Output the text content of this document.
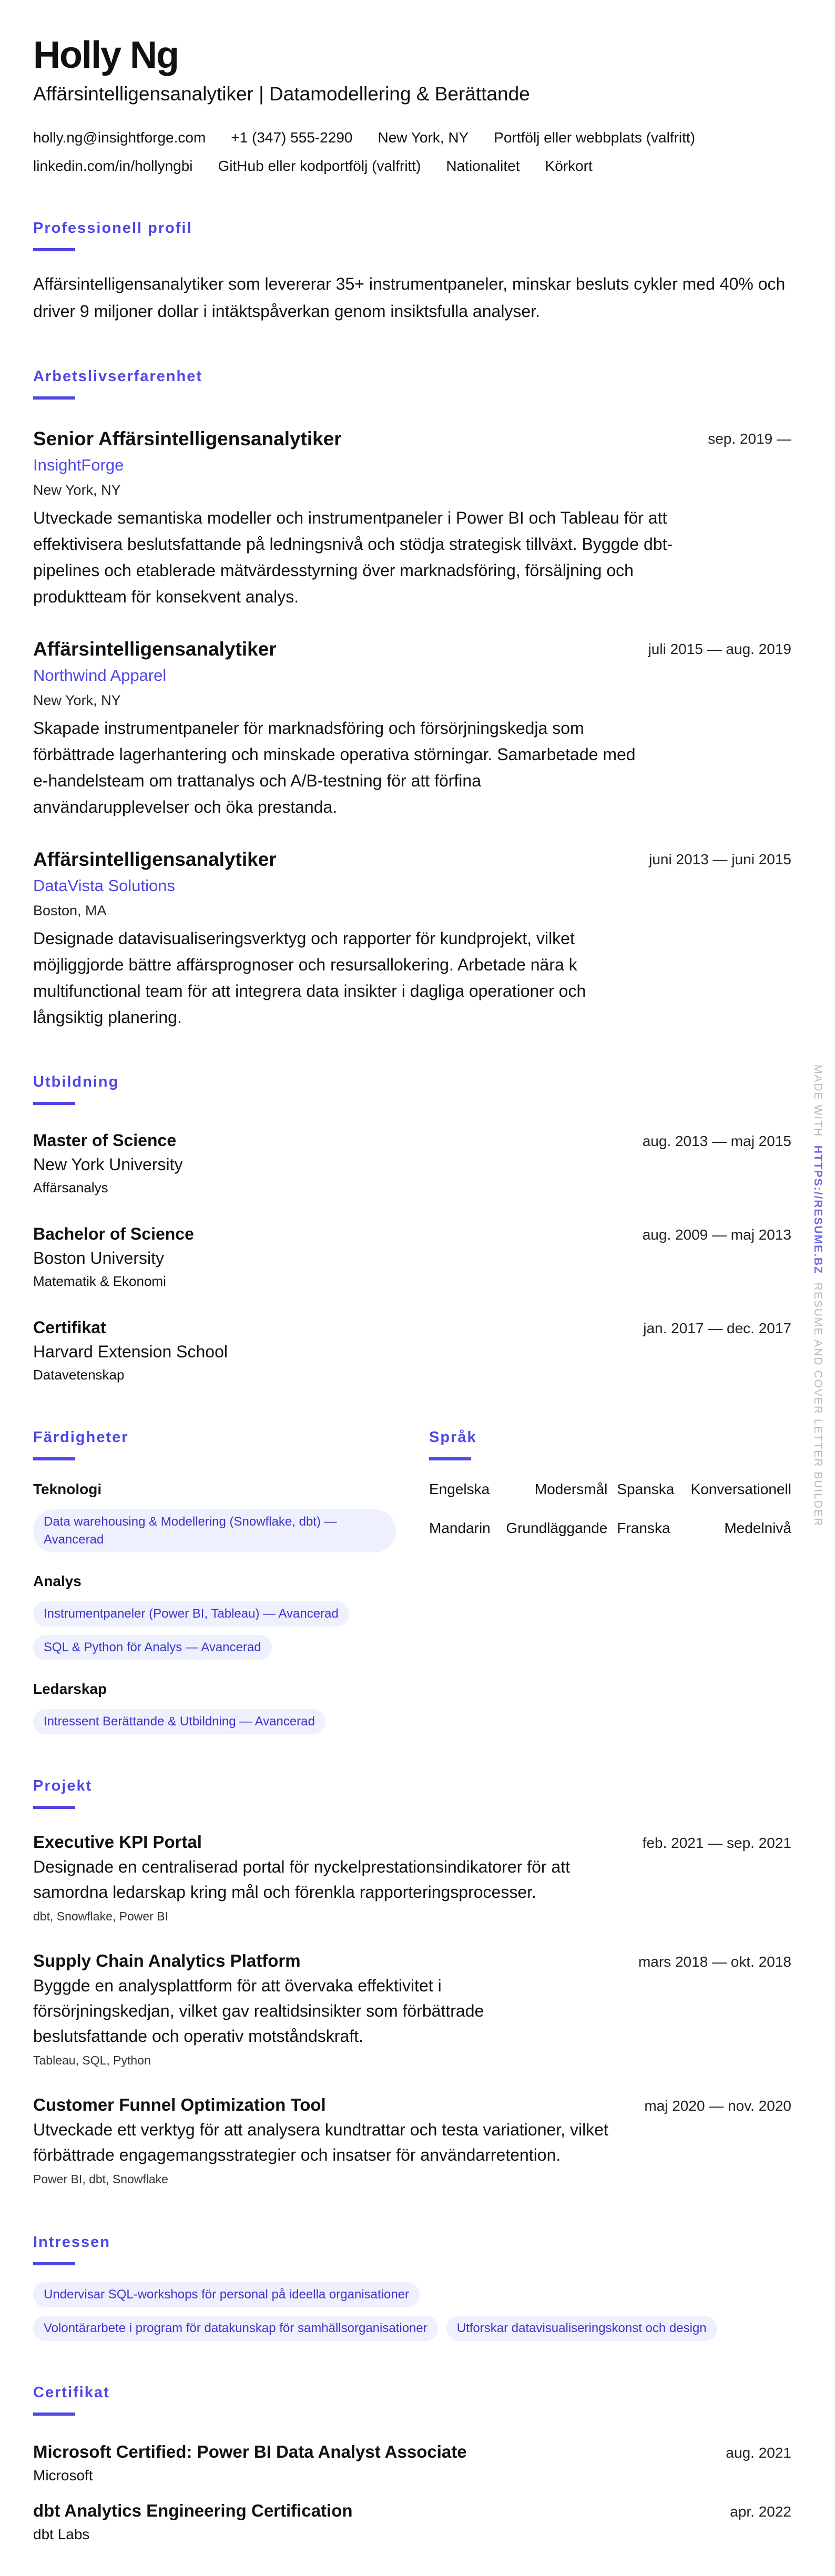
Holly Ng
Affärsintelligensanalytiker | Datamodellering & Berättande
holly.ng@insightforge.com +1 (347) 555-2290 New York, NY Portfölj eller webbplats (valfritt)
linkedin.com/in/hollyngbi GitHub eller kodportfölj (valfritt) Nationalitet Körkort
Professionell profil

Affärsintelligensanalytiker som levererar 35+ instrumentpaneler, minskar besluts cykler med 40% och driver 9 miljoner dollar i intäktspåverkan genom insiktsfulla analyser.

Arbetslivserfarenhet
Senior Affärsintelligensanalytiker
InsightForge
New York, NY

Utveckade semantiska modeller och instrumentpaneler i Power BI och Tableau för att effektivisera beslutsfattande på ledningsnivå och stödja strategisk tillväxt. Byggde dbt-pipelines och etablerade mätvärdesstyrning över marknadsföring, försäljning och produktteam för konsekvent analys.

sep. 2019 —
Affärsintelligensanalytiker
Northwind Apparel
New York, NY

Skapade instrumentpaneler för marknadsföring och försörjningskedja som förbättrade lagerhantering och minskade operativa störningar. Samarbetade med e-handelsteam om trattanalys och A/B-testning för att förfina användarupplevelser och öka prestanda.

juli 2015 — aug. 2019
Affärsintelligensanalytiker
DataVista Solutions
Boston, MA

Designade datavisualiseringsverktyg och rapporter för kundprojekt, vilket möjliggjorde bättre affärsprognoser och resursallokering. Arbetade nära k multifunctional team för att integrera data insikter i dagliga operationer och långsiktig planering.

juni 2013 — juni 2015
Utbildning
Master of Science
New York University
Affärsanalys
aug. 2013 — maj 2015
Bachelor of Science
Boston University
Matematik & Ekonomi
aug. 2009 — maj 2013
Certifikat
Harvard Extension School
Datavetenskap
jan. 2017 — dec. 2017
Färdigheter
Teknologi
Data warehousing & Modellering (Snowflake, dbt) — Avancerad
Analys
Instrumentpaneler (Power BI, Tableau) — Avancerad
SQL & Python för Analys — Avancerad
Ledarskap
Intressent Berättande & Utbildning — Avancerad
Språk
Engelska	Modersmål Spanska	Konversationell
Mandarin	Grundläggande Franska	Medelnivå
Projekt
Executive KPI Portal

Designade en centraliserad portal för nyckelprestationsindikatorer för att samordna ledarskap kring mål och förenkla rapporteringsprocesser.

dbt, Snowflake, Power BI
feb. 2021 — sep. 2021
Supply Chain Analytics Platform

Byggde en analysplattform för att övervaka effektivitet i försörjningskedjan, vilket gav realtidsinsikter som förbättrade beslutsfattande och operativ motståndskraft.

Tableau, SQL, Python
mars 2018 — okt. 2018
Customer Funnel Optimization Tool

Utveckade ett verktyg för att analysera kundtrattar och testa variationer, vilket förbättrade engagemangsstrategier och insatser för användarretention.

Power BI, dbt, Snowflake
maj 2020 — nov. 2020
Intressen
Undervisar SQL-workshops för personal på ideella organisationer
Volontärarbete i program för datakunskap för samhällsorganisationer	Utforskar datavisualiseringskonst och design
Certifikat
Microsoft Certified: Power BI Data Analyst Associate
Microsoft
aug. 2021
dbt Analytics Engineering Certification
dbt Labs
apr. 2022
MADE WITH  HTTPS://RESUME.BZ  RESUME AND COVER LETTER BUILDER
